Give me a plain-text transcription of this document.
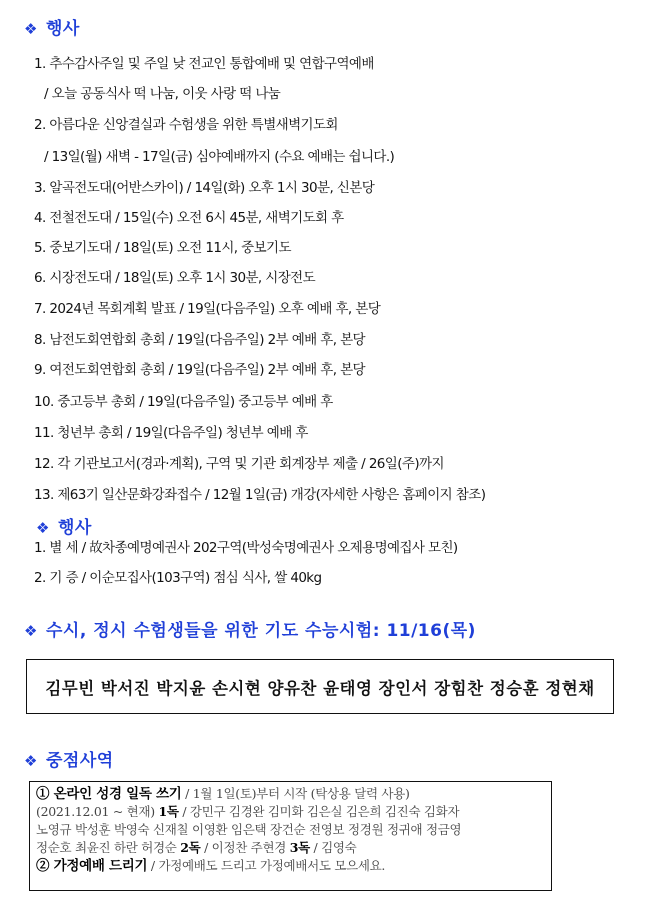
❖ 행사
1. 추수감사주일 및 주일 낮 전교인 통합예배 및 연합구역예배
/ 오늘 공동식사 떡 나눔, 이웃 사랑 떡 나눔
2. 아름다운 신앙결실과 수험생을 위한 특별새벽기도회
/ 13일(월) 새벽 - 17일(금) 심야예배까지 (수요 예배는 쉽니다.)
3. 알곡전도대(어반스카이) / 14일(화) 오후 1시 30분, 신본당
4. 전철전도대 / 15일(수) 오전 6시 45분, 새벽기도회 후
5. 중보기도대 / 18일(토) 오전 11시, 중보기도
6. 시장전도대 / 18일(토) 오후 1시 30분, 시장전도
7. 2024년 목회계획 발표 / 19일(다음주일) 오후 예배 후, 본당
8. 남전도회연합회 총회 / 19일(다음주일) 2부 예배 후, 본당
9. 여전도회연합회 총회 / 19일(다음주일) 2부 예배 후, 본당
10. 중고등부 총회 / 19일(다음주일) 중고등부 예배 후
11. 청년부 총회 / 19일(다음주일) 청년부 예배 후
12. 각 기관보고서(경과·계획), 구역 및 기관 회계장부 제출 / 26일(주)까지
13. 제63기 일산문화강좌접수 / 12월 1일(금) 개강(자세한 사항은 홈페이지 참조)
❖ 행사
1. 별 세 / 故차종예명예권사 202구역(박성숙명예권사 오제용명예집사 모친)
2. 기 증 / 이순모집사(103구역) 점심 식사, 쌀 40kg
❖ 수시, 정시 수험생들을 위한 기도 수능시험: 11/16(목)
김무빈 박서진 박지윤 손시현 양유찬 윤태영 장인서 장힘찬 정승훈 정현채
❖ 중점사역
① 온라인 성경 일독 쓰기 / 1월 1일(토)부터 시작 (탁상용 달력 사용)
(2021.12.01 ~ 현재) 1독 / 강민구 김경완 김미화 김은실 김은희 김진숙 김화자
노영규 박성훈 박영숙 신재칠 이영환 임은택 장건순 전영보 정경원 정귀애 정금영
정순호 최윤진 하란 허경순 2독 / 이정찬 주현경 3독 / 김영숙
② 가정예배 드리기 / 가정예배도 드리고 가정예배서도 모으세요.
